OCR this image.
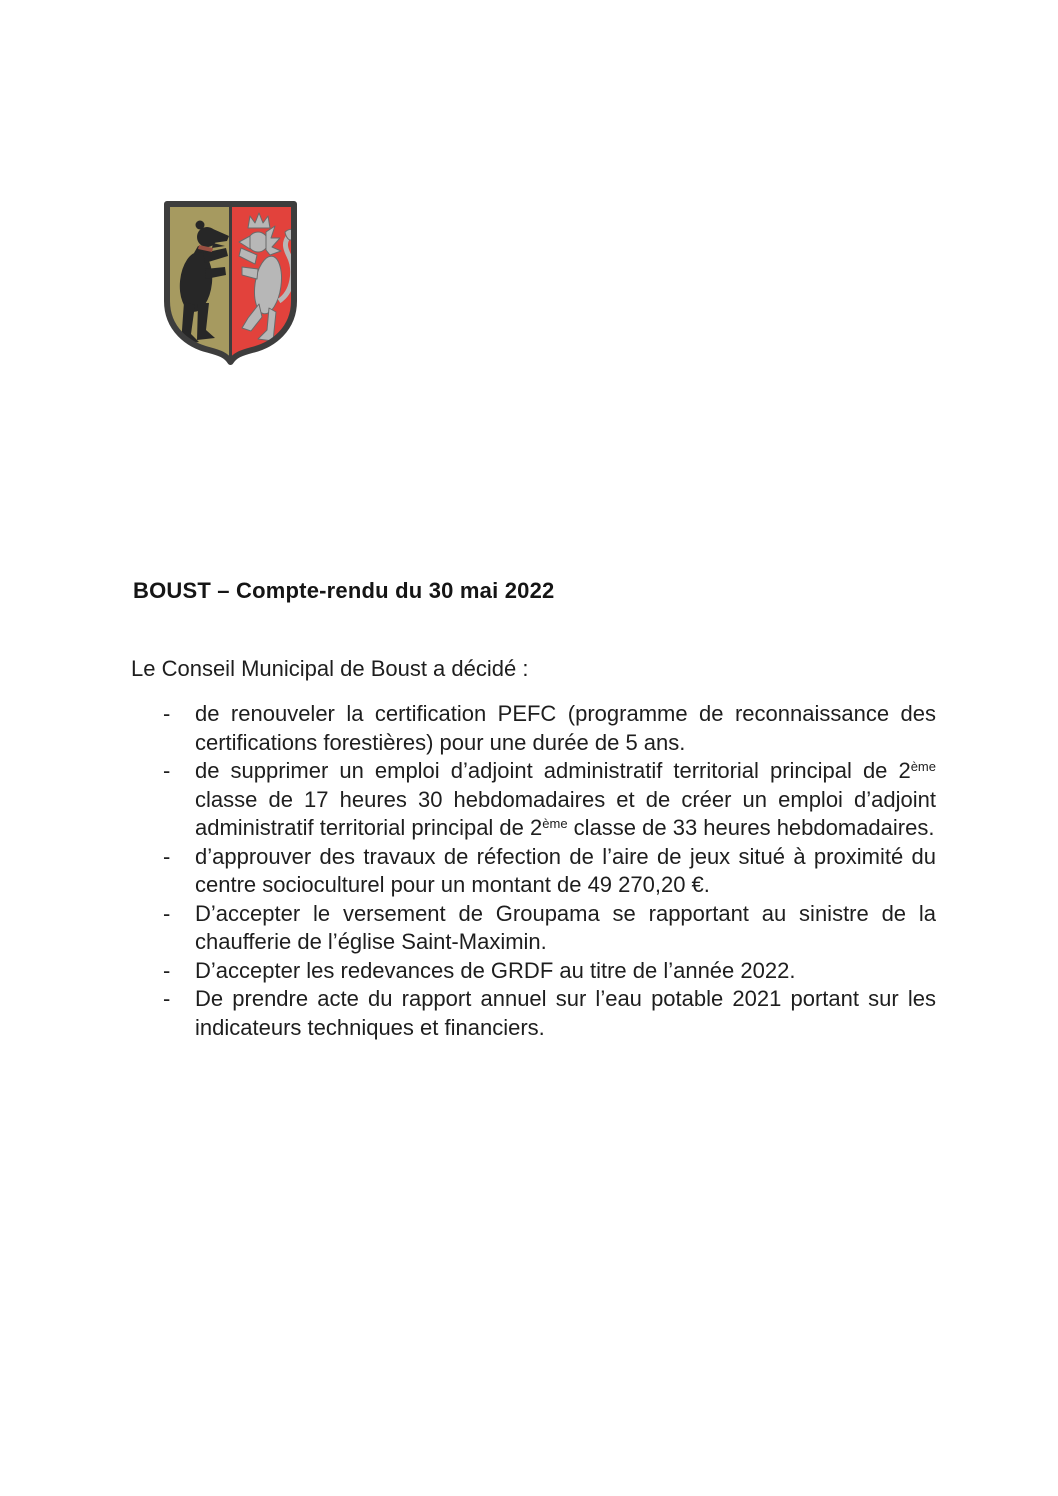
BOUST – Compte-rendu du 30 mai 2022

Le Conseil Municipal de Boust a décidé :

- de renouveler la certification PEFC (programme de reconnaissance des certifications forestières) pour une durée de 5 ans.
- de supprimer un emploi d’adjoint administratif territorial principal de 2ème classe de 17 heures 30 hebdomadaires et de créer un emploi d’adjoint administratif territorial principal de 2ème classe de 33 heures hebdomadaires.
- d’approuver des travaux de réfection de l’aire de jeux situé à proximité du centre socioculturel pour un montant de 49 270,20 €.
- D’accepter le versement de Groupama se rapportant au sinistre de la chaufferie de l’église Saint-Maximin.
- D’accepter les redevances de GRDF au titre de l’année 2022.
- De prendre acte du rapport annuel sur l’eau potable 2021 portant sur les indicateurs techniques et financiers.
